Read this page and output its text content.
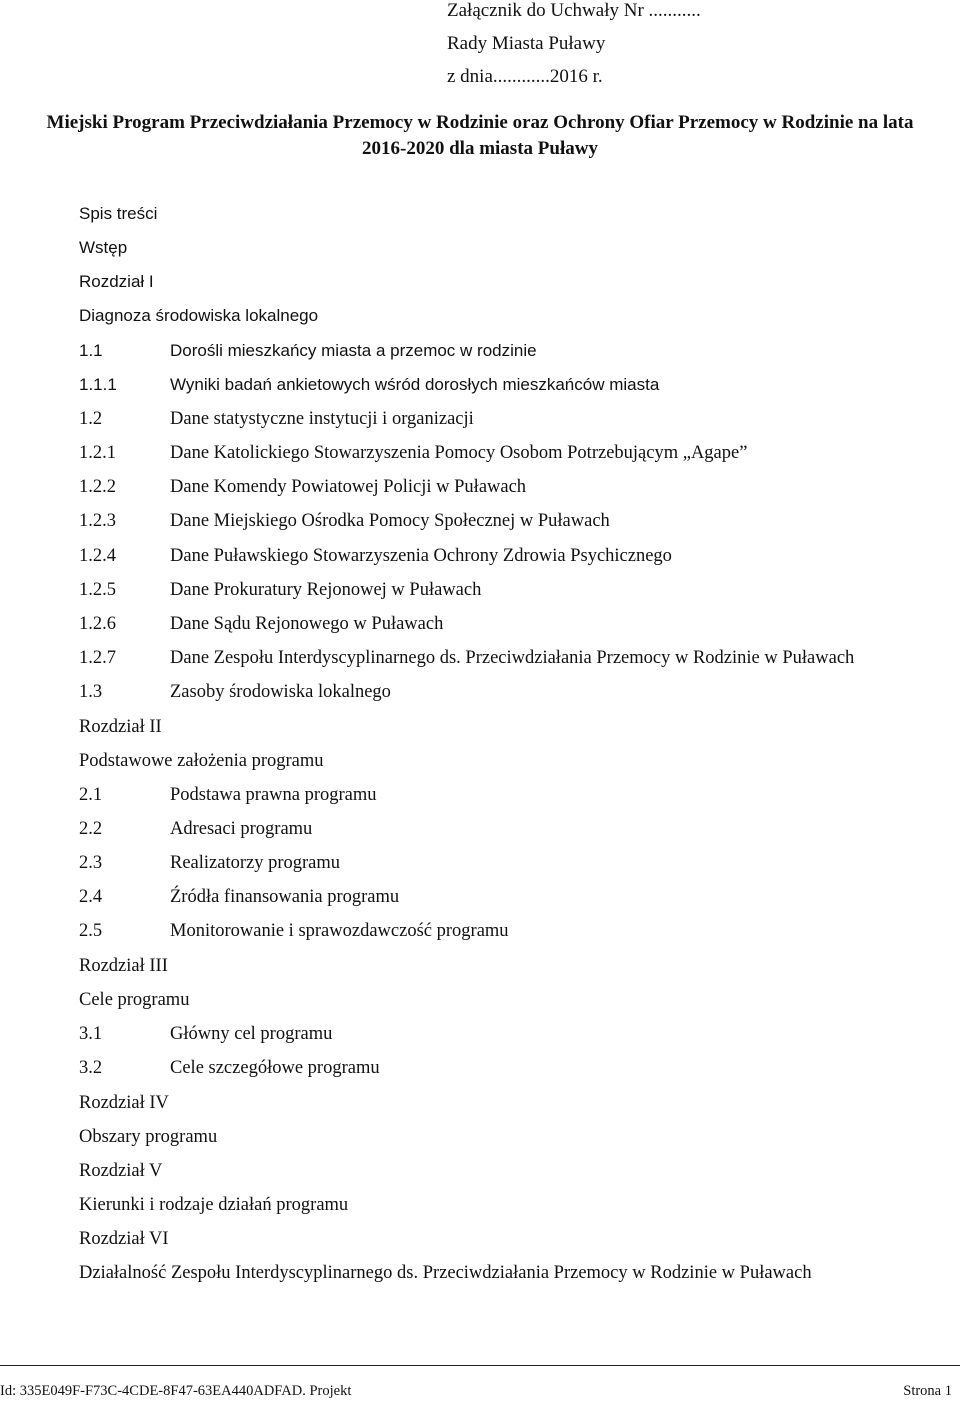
Załącznik do Uchwały Nr ...........
Rady Miasta Puławy
z dnia............2016 r.
Miejski Program Przeciwdziałania Przemocy w Rodzinie oraz Ochrony Ofiar Przemocy w Rodzinie na lata
2016-2020 dla miasta Puławy
Spis treści
Wstęp
Rozdział I
Diagnoza środowiska lokalnego
1.1	Dorośli mieszkańcy miasta a przemoc w rodzinie
1.1.1	Wyniki badań ankietowych wśród dorosłych mieszkańców miasta
1.2	Dane statystyczne instytucji i organizacji
1.2.1	Dane Katolickiego Stowarzyszenia Pomocy Osobom Potrzebującym „Agape”
1.2.2	Dane Komendy Powiatowej Policji w Puławach
1.2.3	Dane Miejskiego Ośrodka Pomocy Społecznej w Puławach
1.2.4	Dane Puławskiego Stowarzyszenia Ochrony Zdrowia Psychicznego
1.2.5	Dane Prokuratury Rejonowej w Puławach
1.2.6	Dane Sądu Rejonowego w Puławach
1.2.7	Dane Zespołu Interdyscyplinarnego ds. Przeciwdziałania Przemocy w Rodzinie w Puławach
1.3	Zasoby środowiska lokalnego
Rozdział II
Podstawowe założenia programu
2.1	Podstawa prawna programu
2.2	Adresaci programu
2.3	Realizatorzy programu
2.4	Źródła finansowania programu
2.5	Monitorowanie i sprawozdawczość programu
Rozdział III
Cele programu
3.1	Główny cel programu
3.2	Cele szczegółowe programu
Rozdział IV
Obszary programu
Rozdział V
Kierunki i rodzaje działań programu
Rozdział VI
Działalność Zespołu Interdyscyplinarnego ds. Przeciwdziałania Przemocy w Rodzinie w Puławach
Id: 335E049F-F73C-4CDE-8F47-63EA440ADFAD. Projekt	Strona 1
